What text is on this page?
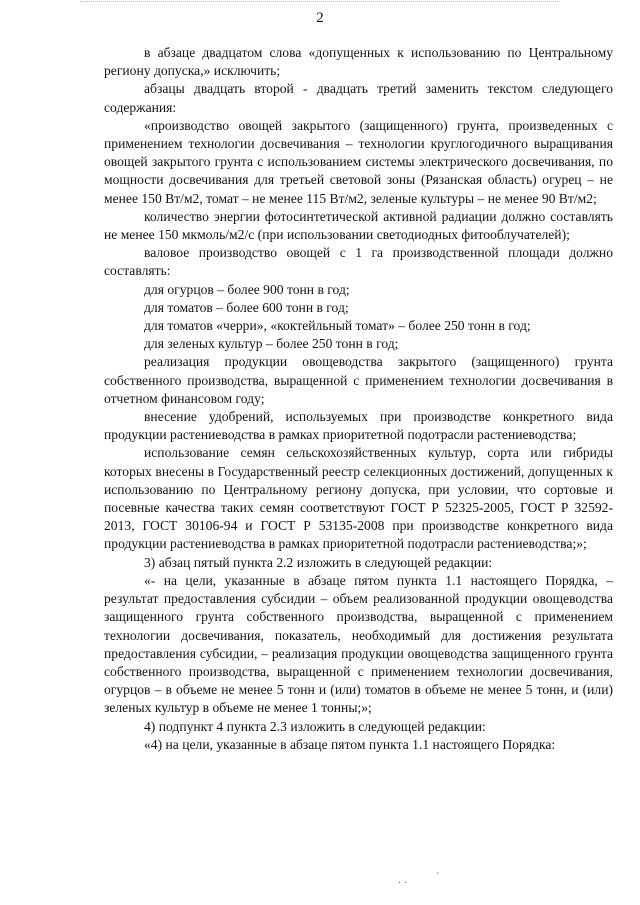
2

в абзаце двадцатом слова «допущенных к использованию по Центральному региону допуска,» исключить;

абзацы двадцать второй - двадцать третий заменить текстом следующего содержания:

«производство овощей закрытого (защищенного) грунта, произведенных с применением технологии досвечивания – технологии круглогодичного выращивания овощей закрытого грунта с использованием системы электрического досвечивания, по мощности досвечивания для третьей световой зоны (Рязанская область) огурец – не менее 150 Вт/м2, томат – не менее 115 Вт/м2, зеленые культуры – не менее 90 Вт/м2;

количество энергии фотосинтетической активной радиации должно составлять не менее 150 мкмоль/м2/с (при использовании светодиодных фитооблучателей);

валовое производство овощей с 1 га производственной площади должно составлять:

для огурцов – более 900 тонн в год;

для томатов – более 600 тонн в год;

для томатов «черри», «коктейльный томат» – более 250 тонн в год;

для зеленых культур – более 250 тонн в год;

реализация продукции овощеводства закрытого (защищенного) грунта собственного производства, выращенной с применением технологии досвечивания в отчетном финансовом году;

внесение удобрений, используемых при производстве конкретного вида продукции растениеводства в рамках приоритетной подотрасли растениеводства;

использование семян сельскохозяйственных культур, сорта или гибриды которых внесены в Государственный реестр селекционных достижений, допущенных к использованию по Центральному региону допуска, при условии, что сортовые и посевные качества таких семян соответствуют ГОСТ Р 52325-2005, ГОСТ Р 32592-2013, ГОСТ 30106-94 и ГОСТ Р 53135-2008 при производстве конкретного вида продукции растениеводства в рамках приоритетной подотрасли растениеводства;»;

3) абзац пятый пункта 2.2 изложить в следующей редакции:

«- на цели, указанные в абзаце пятом пункта 1.1 настоящего Порядка, – результат предоставления субсидии – объем реализованной продукции овощеводства защищенного грунта собственного производства, выращенной с применением технологии досвечивания, показатель, необходимый для достижения результата предоставления субсидии, – реализация продукции овощеводства защищенного грунта собственного производства, выращенной с применением технологии досвечивания, огурцов – в объеме не менее 5 тонн и (или) томатов в объеме не менее 5 тонн, и (или) зеленых культур в объеме не менее 1 тонны;»;

4) подпункт 4 пункта 2.3 изложить в следующей редакции:

«4) на цели, указанные в абзаце пятом пункта 1.1 настоящего Порядка:

· ·
`
